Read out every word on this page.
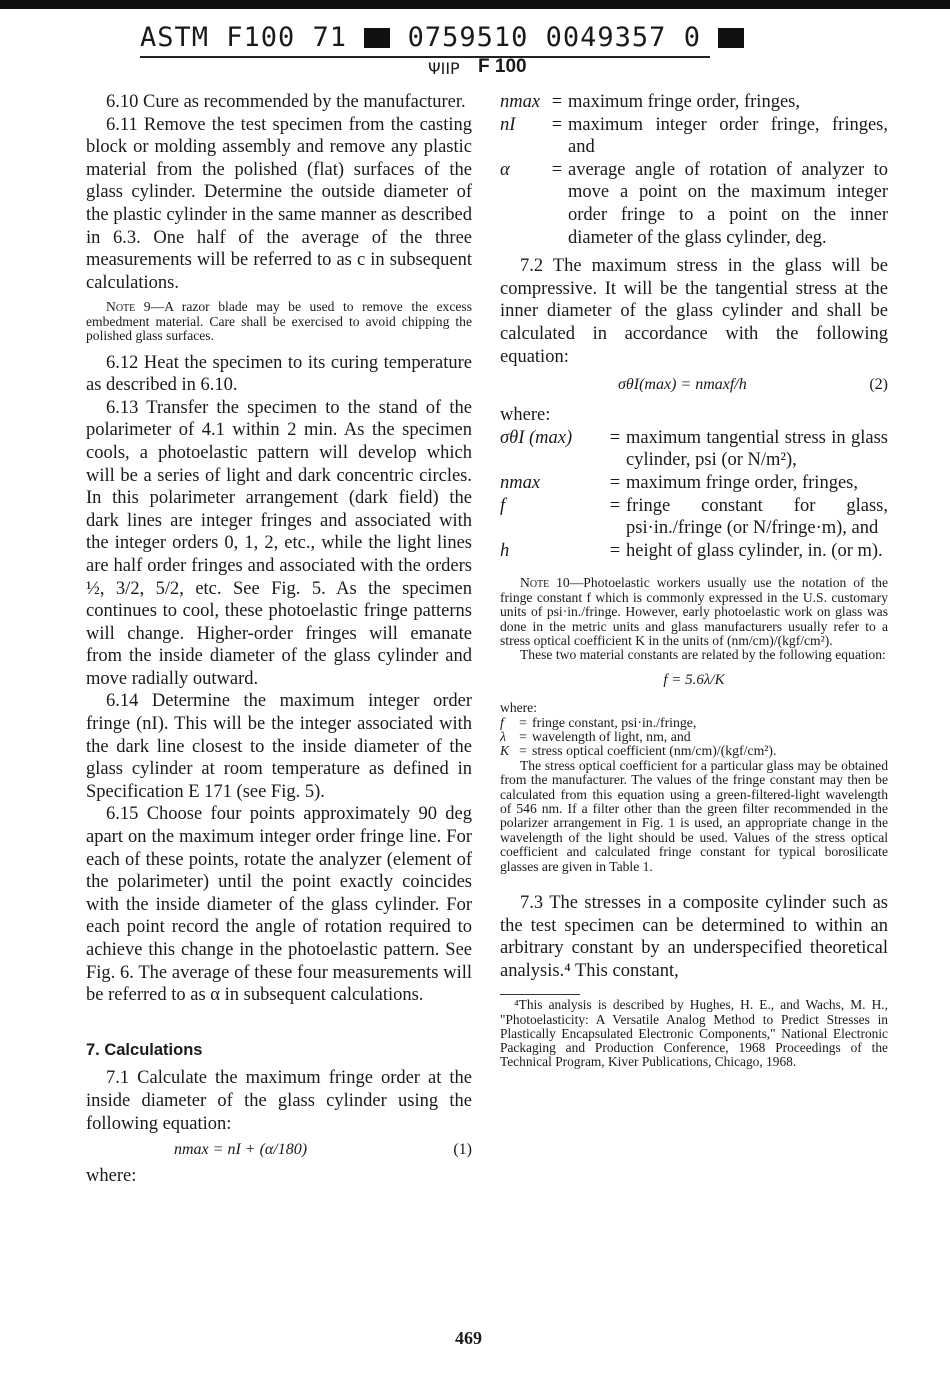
ASTM F100 71 0759510 0049357 0
ΨΙΙΡ F 100

6.10 Cure as recommended by the manufacturer.

6.11 Remove the test specimen from the casting block or molding assembly and remove any plastic material from the polished (flat) surfaces of the glass cylinder. Determine the outside diameter of the plastic cylinder in the same manner as described in 6.3. One half of the average of the three measurements will be referred to as c in subsequent calculations.

Note 9—A razor blade may be used to remove the excess embedment material. Care shall be exercised to avoid chipping the polished glass surfaces.

6.12 Heat the specimen to its curing temperature as described in 6.10.

6.13 Transfer the specimen to the stand of the polarimeter of 4.1 within 2 min. As the specimen cools, a photoelastic pattern will develop which will be a series of light and dark concentric circles. In this polarimeter arrangement (dark field) the dark lines are integer fringes and associated with the integer orders 0, 1, 2, etc., while the light lines are half order fringes and associated with the orders ½, 3/2, 5/2, etc. See Fig. 5. As the specimen continues to cool, these photoelastic fringe patterns will change. Higher-order fringes will emanate from the inside diameter of the glass cylinder and move radially outward.

6.14 Determine the maximum integer order fringe (nI). This will be the integer associated with the dark line closest to the inside diameter of the glass cylinder at room temperature as defined in Specification E 171 (see Fig. 5).

6.15 Choose four points approximately 90 deg apart on the maximum integer order fringe line. For each of these points, rotate the analyzer (element of the polarimeter) until the point exactly coincides with the inside diameter of the glass cylinder. For each point record the angle of rotation required to achieve this change in the photoelastic pattern. See Fig. 6. The average of these four measurements will be referred to as α in subsequent calculations.

7. Calculations

7.1 Calculate the maximum fringe order at the inside diameter of the glass cylinder using the following equation:

nmax = nI + (α/180)	(1)

where:

nmax	=	maximum fringe order, fringes,
nI	=	maximum integer order fringe, fringes, and
α	=	average angle of rotation of analyzer to move a point on the maximum integer order fringe to a point on the inner diameter of the glass cylinder, deg.

7.2 The maximum stress in the glass will be compressive. It will be the tangential stress at the inner diameter of the glass cylinder and shall be calculated in accordance with the following equation:

σθI(max) = nmaxf/h	(2)

where:

σθI (max)	=	maximum tangential stress in glass cylinder, psi (or N/m²),
nmax	=	maximum fringe order, fringes,
f	=	fringe constant for glass, psi·in./fringe (or N/fringe·m), and
h	=	height of glass cylinder, in. (or m).

Note 10—Photoelastic workers usually use the notation of the fringe constant f which is commonly expressed in the U.S. customary units of psi·in./fringe. However, early photoelastic work on glass was done in the metric units and glass manufacturers usually refer to a stress optical coefficient K in the units of (nm/cm)/(kgf/cm²).

These two material constants are related by the following equation:

f = 5.6λ/K

where:

f	=	fringe constant, psi·in./fringe,
λ	=	wavelength of light, nm, and
K	=	stress optical coefficient (nm/cm)/(kgf/cm²).

The stress optical coefficient for a particular glass may be obtained from the manufacturer. The values of the fringe constant may then be calculated from this equation using a green-filtered-light wavelength of 546 nm. If a filter other than the green filter recommended in the polarizer arrangement in Fig. 1 is used, an appropriate change in the wavelength of the light should be used. Values of the stress optical coefficient and calculated fringe constant for typical borosilicate glasses are given in Table 1.

7.3 The stresses in a composite cylinder such as the test specimen can be determined to within an arbitrary constant by an underspecified theoretical analysis.⁴ This constant,

⁴This analysis is described by Hughes, H. E., and Wachs, M. H., "Photoelasticity: A Versatile Analog Method to Predict Stresses in Plastically Encapsulated Electronic Components," National Electronic Packaging and Production Conference, 1968 Proceedings of the Technical Program, Kiver Publications, Chicago, 1968.

469
